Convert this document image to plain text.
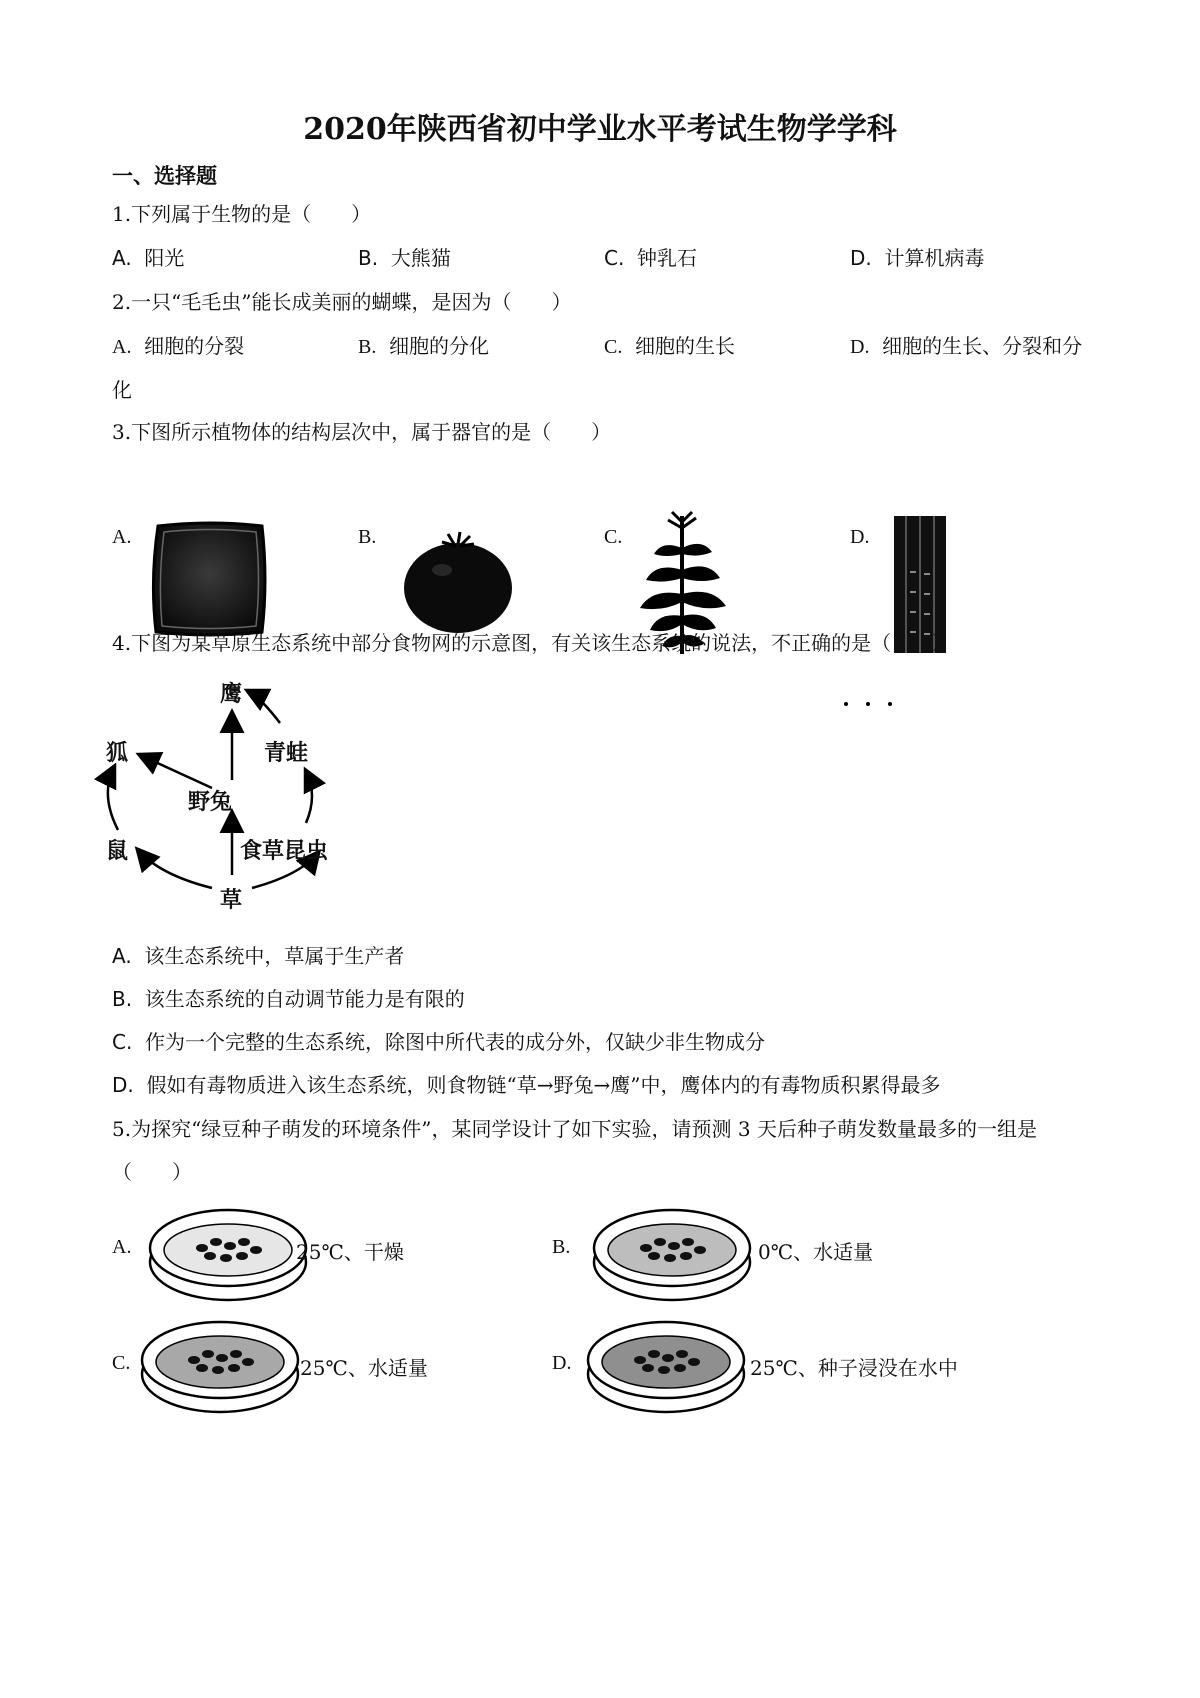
2020年陕西省初中学业水平考试生物学学科
一、选择题
1.下列属于生物的是（　　）
A. 阳光	B. 大熊猫	C. 钟乳石	D. 计算机病毒
2.一只“毛毛虫”能长成美丽的蝴蝶，是因为（　　）
A. 细胞的分裂	B. 细胞的分化	C. 细胞的生长	D. 细胞的生长、分裂和分
化
3.下图所示植物体的结构层次中，属于器官的是（　　）
A.	B.	C.	D.
4.下图为某草原生态系统中部分食物网的示意图，有关该生态系统的说法，不正确的是（　　）
鹰
狐	青蛙
野兔
鼠	食草昆虫
草
A. 该生态系统中，草属于生产者
B. 该生态系统的自动调节能力是有限的
C. 作为一个完整的生态系统，除图中所代表的成分外，仅缺少非生物成分
D. 假如有毒物质进入该生态系统，则食物链“草→野兔→鹰”中，鹰体内的有毒物质积累得最多
5.为探究“绿豆种子萌发的环境条件”，某同学设计了如下实验，请预测 3 天后种子萌发数量最多的一组是
（　　）
A.	25℃、干燥	B.	0℃、水适量
C.	25℃、水适量	D.	25℃、种子浸没在水中
